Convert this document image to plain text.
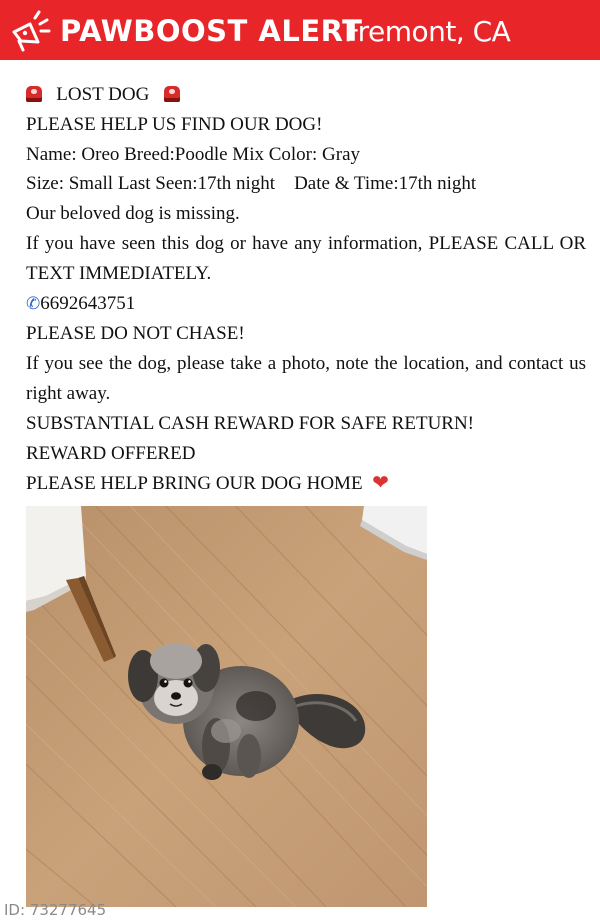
PAWBOOST ALERT
Fremont, CA

LOST DOG

PLEASE HELP US FIND OUR DOG!

Name: Oreo Breed:Poodle Mix Color: Gray

Size: Small Last Seen:17th night    Date & Time:17th night

Our beloved dog is missing.

If you have seen this dog or have any information, PLEASE CALL OR TEXT IMMEDIATELY.

✆6692643751

PLEASE DO NOT CHASE!

If you see the dog, please take a photo, note the location, and contact us right away.

SUBSTANTIAL CASH REWARD FOR SAFE RETURN!

REWARD OFFERED

PLEASE HELP BRING OUR DOG HOME ❤

ID: 73277645
